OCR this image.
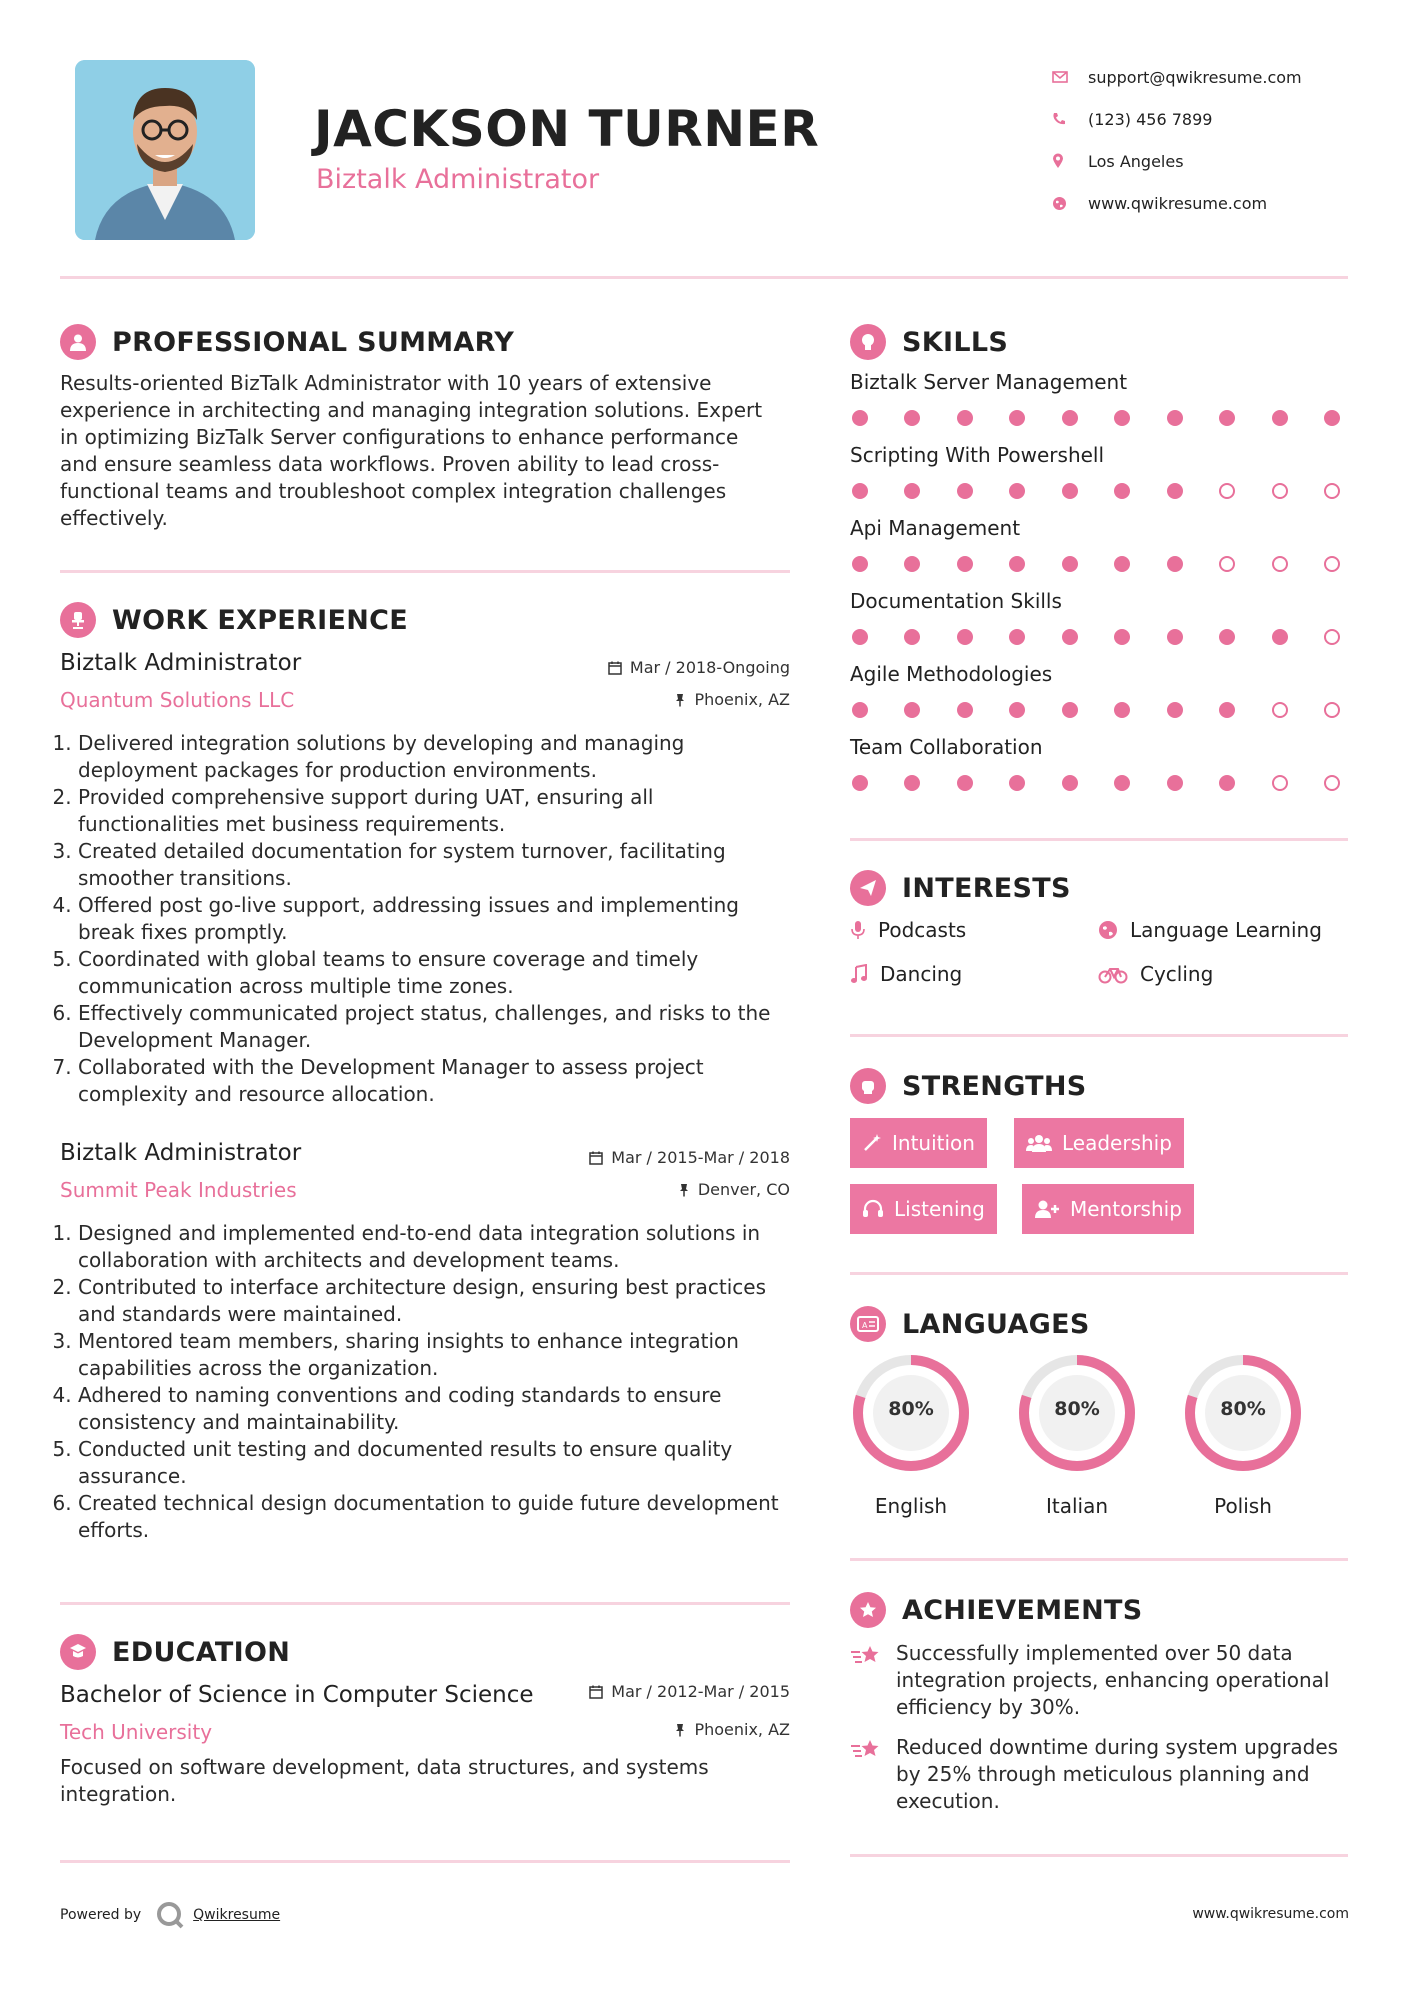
JACKSON TURNER
Biztalk Administrator
support@qwikresume.com
(123) 456 7899
Los Angeles
www.qwikresume.com
PROFESSIONAL SUMMARY
Results-oriented BizTalk Administrator with 10 years of extensive experience in architecting and managing integration solutions. Expert in optimizing BizTalk Server configurations to enhance performance and ensure seamless data workflows. Proven ability to lead cross-functional teams and troubleshoot complex integration challenges effectively.
WORK EXPERIENCE
Biztalk Administrator
Quantum Solutions LLC
Mar / 2018-Ongoing
Phoenix, AZ
1. Delivered integration solutions by developing and managing deployment packages for production environments.
2. Provided comprehensive support during UAT, ensuring all functionalities met business requirements.
3. Created detailed documentation for system turnover, facilitating smoother transitions.
4. Offered post go-live support, addressing issues and implementing break fixes promptly.
5. Coordinated with global teams to ensure coverage and timely communication across multiple time zones.
6. Effectively communicated project status, challenges, and risks to the Development Manager.
7. Collaborated with the Development Manager to assess project complexity and resource allocation.
Biztalk Administrator
Summit Peak Industries
Mar / 2015-Mar / 2018
Denver, CO
1. Designed and implemented end-to-end data integration solutions in collaboration with architects and development teams.
2. Contributed to interface architecture design, ensuring best practices and standards were maintained.
3. Mentored team members, sharing insights to enhance integration capabilities across the organization.
4. Adhered to naming conventions and coding standards to ensure consistency and maintainability.
5. Conducted unit testing and documented results to ensure quality assurance.
6. Created technical design documentation to guide future development efforts.
EDUCATION
Bachelor of Science in Computer Science
Tech University
Mar / 2012-Mar / 2015
Phoenix, AZ
Focused on software development, data structures, and systems integration.
SKILLS
Biztalk Server Management
Scripting With Powershell
Api Management
Documentation Skills
Agile Methodologies
Team Collaboration
INTERESTS
Podcasts	Language Learning
Dancing	Cycling
STRENGTHS
Intuition	Leadership
Listening	Mentorship
A LANGUAGES
80%
English
80%
Italian
80%
Polish
ACHIEVEMENTS
Successfully implemented over 50 data integration projects, enhancing operational efficiency by 30%.
Reduced downtime during system upgrades by 25% through meticulous planning and execution.
Powered by	Qwikresume	www.qwikresume.com
